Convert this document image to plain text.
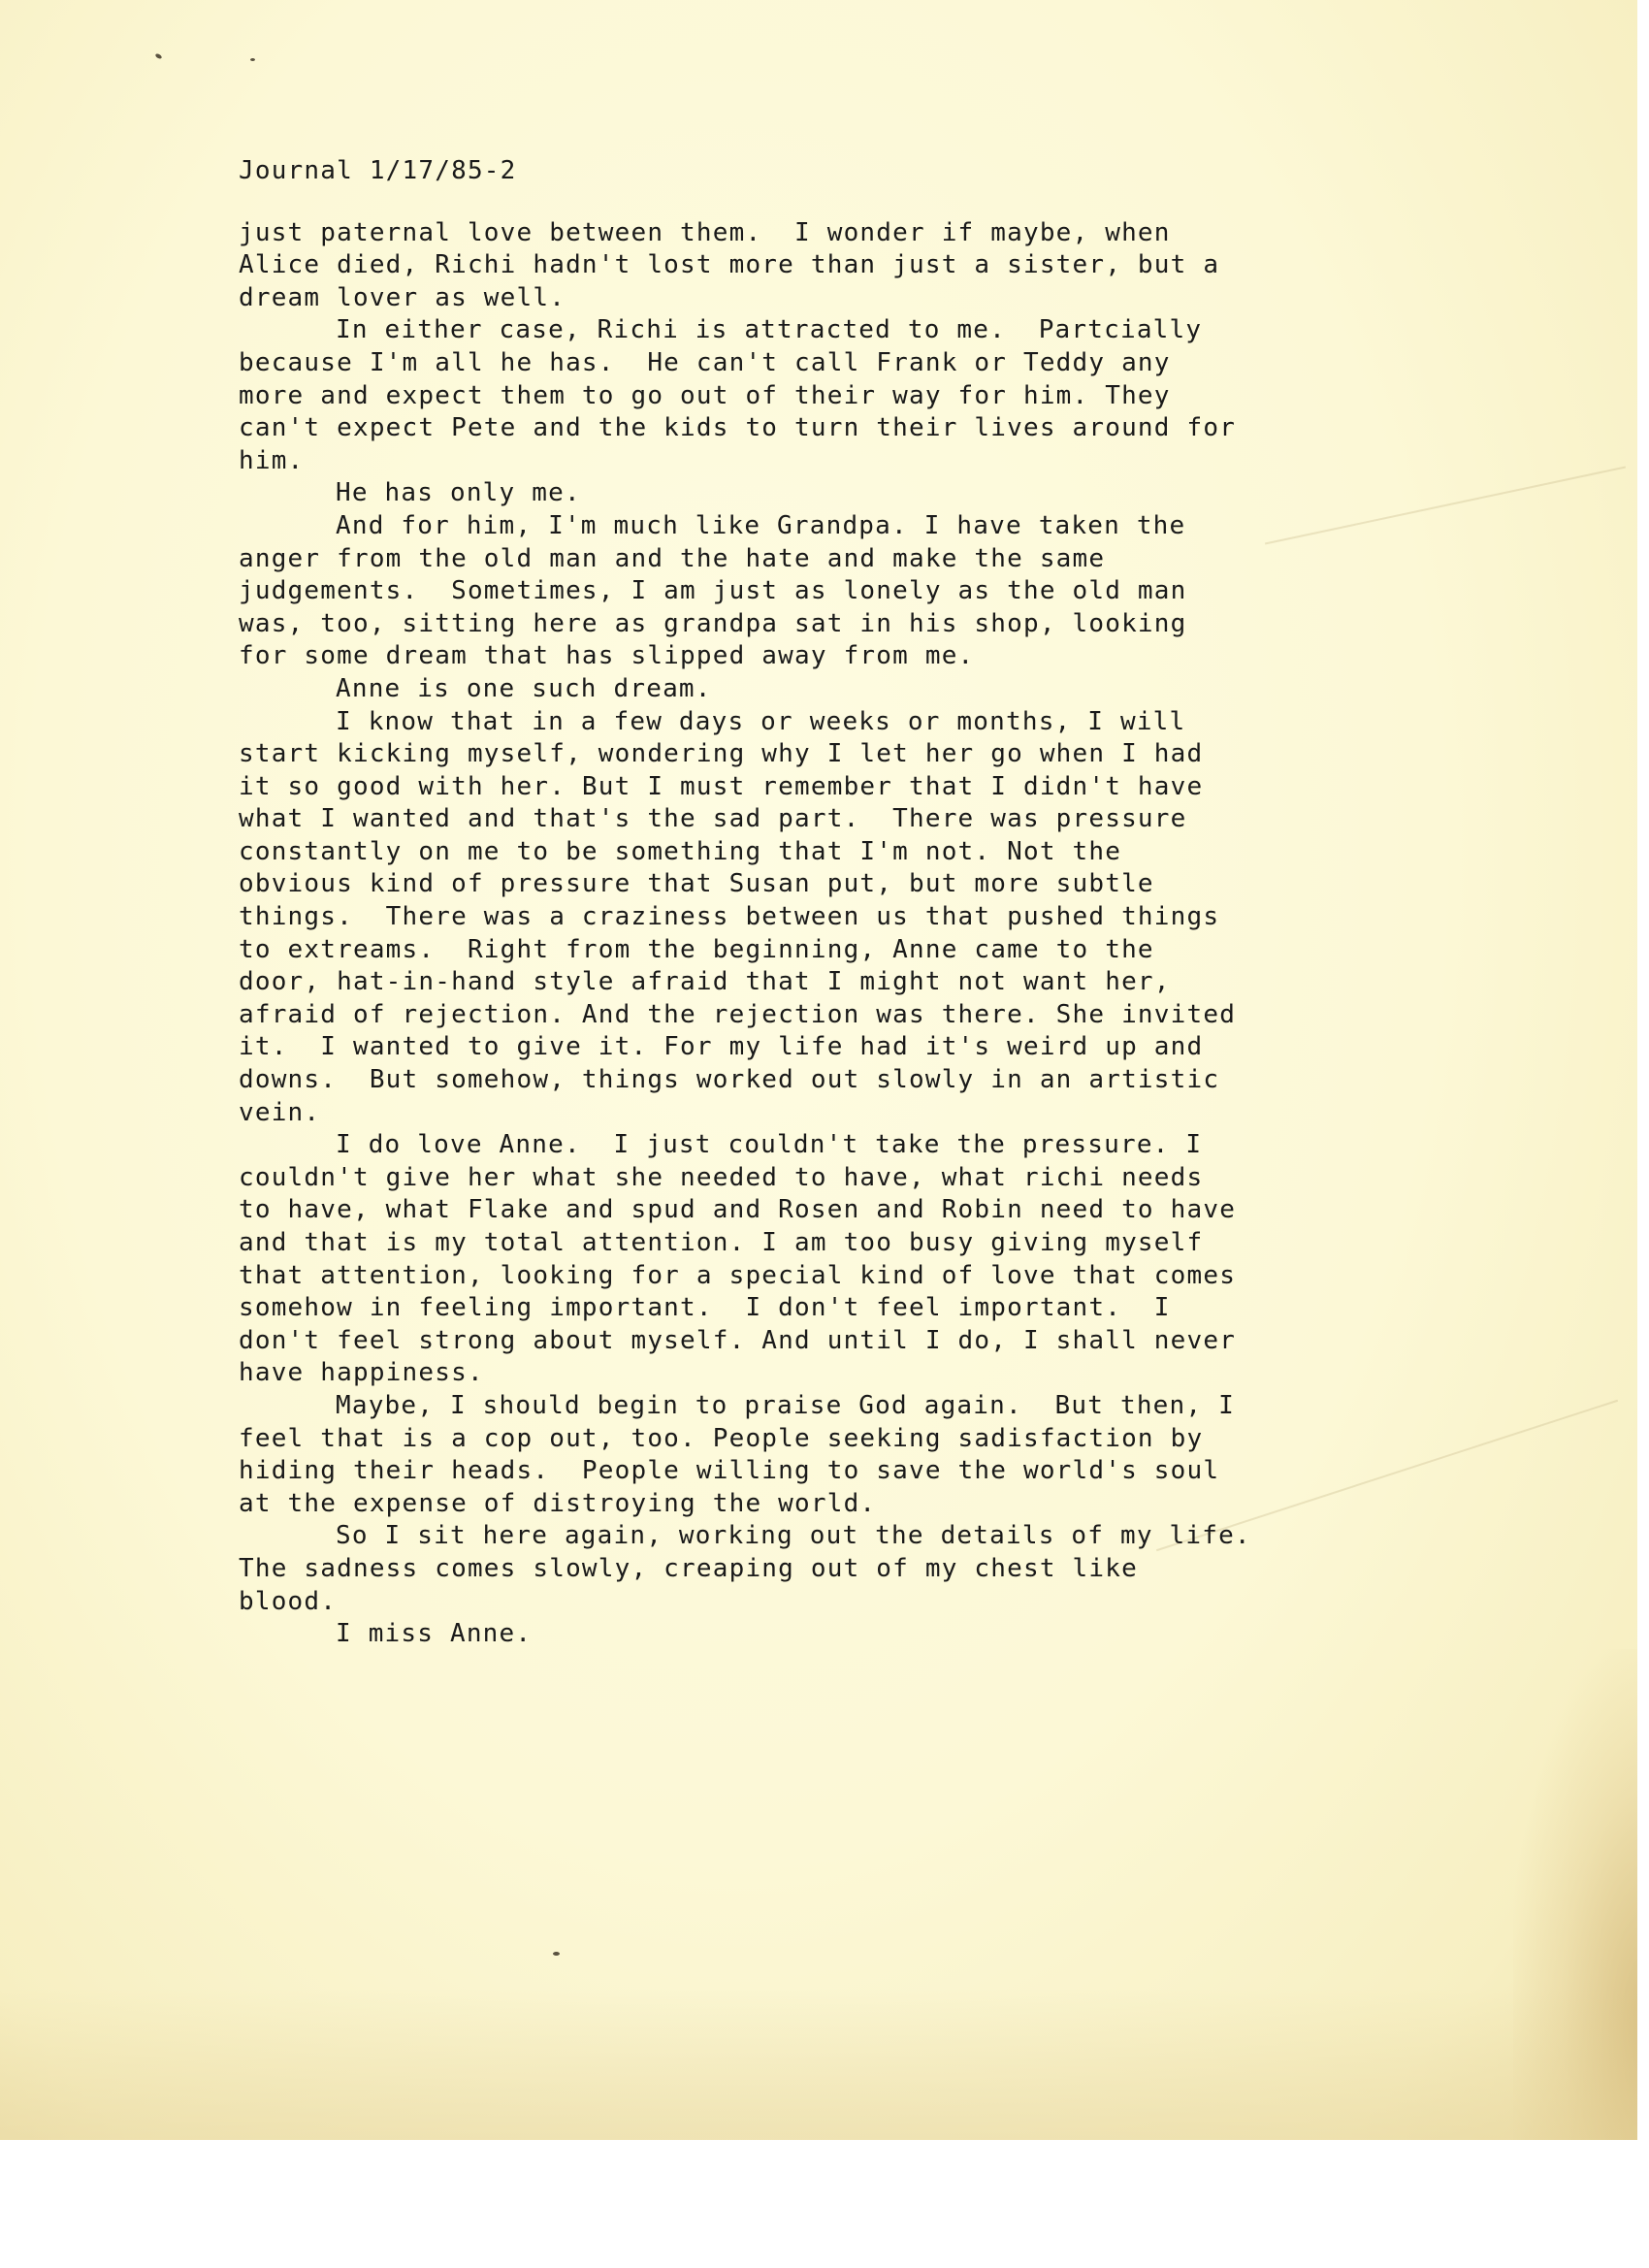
Journal 1/17/85-2
just paternal love between them.  I wonder if maybe, when
Alice died, Richi hadn't lost more than just a sister, but a
dream lover as well.
In either case, Richi is attracted to me.  Partcially
because I'm all he has.  He can't call Frank or Teddy any
more and expect them to go out of their way for him. They
can't expect Pete and the kids to turn their lives around for
him.
He has only me.
And for him, I'm much like Grandpa. I have taken the
anger from the old man and the hate and make the same
judgements.  Sometimes, I am just as lonely as the old man
was, too, sitting here as grandpa sat in his shop, looking
for some dream that has slipped away from me.
Anne is one such dream.
I know that in a few days or weeks or months, I will
start kicking myself, wondering why I let her go when I had
it so good with her. But I must remember that I didn't have
what I wanted and that's the sad part.  There was pressure
constantly on me to be something that I'm not. Not the
obvious kind of pressure that Susan put, but more subtle
things.  There was a craziness between us that pushed things
to extreams.  Right from the beginning, Anne came to the
door, hat-in-hand style afraid that I might not want her,
afraid of rejection. And the rejection was there. She invited
it.  I wanted to give it. For my life had it's weird up and
downs.  But somehow, things worked out slowly in an artistic
vein.
I do love Anne.  I just couldn't take the pressure. I
couldn't give her what she needed to have, what richi needs
to have, what Flake and spud and Rosen and Robin need to have
and that is my total attention. I am too busy giving myself
that attention, looking for a special kind of love that comes
somehow in feeling important.  I don't feel important.  I
don't feel strong about myself. And until I do, I shall never
have happiness.
Maybe, I should begin to praise God again.  But then, I
feel that is a cop out, too. People seeking sadisfaction by
hiding their heads.  People willing to save the world's soul
at the expense of distroying the world.
So I sit here again, working out the details of my life.
The sadness comes slowly, creaping out of my chest like
blood.
I miss Anne.
